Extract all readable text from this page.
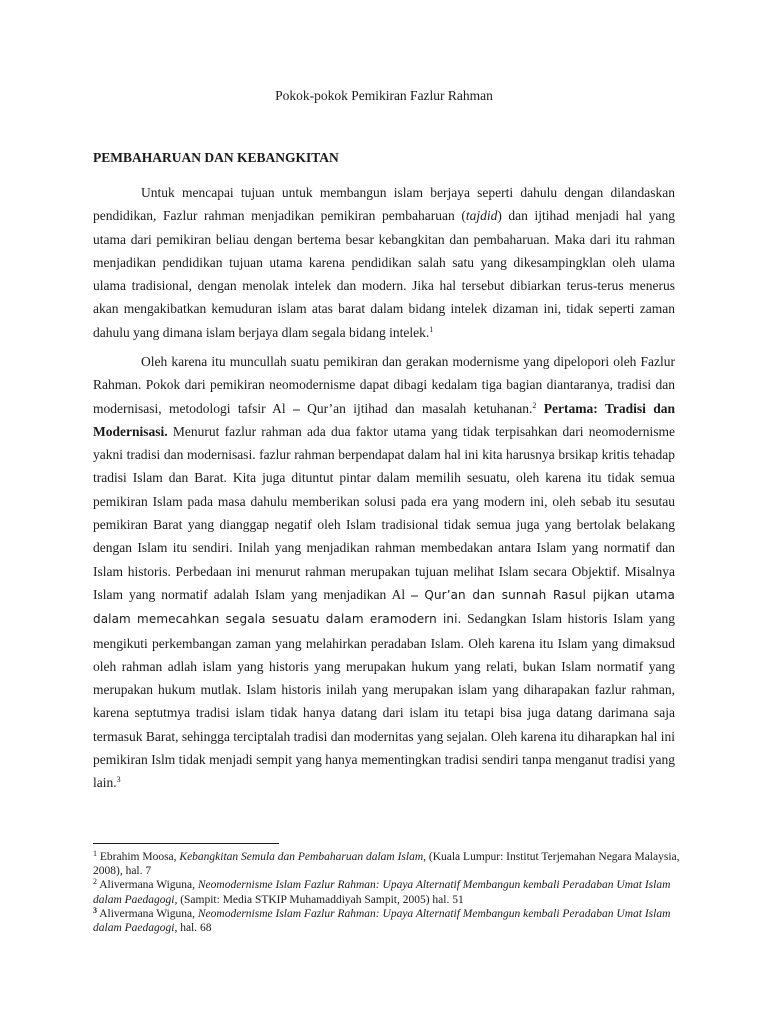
Pokok-pokok Pemikiran Fazlur Rahman
PEMBAHARUAN DAN KEBANGKITAN

Untuk mencapai tujuan untuk membangun islam berjaya seperti dahulu dengan dilandaskan pendidikan, Fazlur rahman menjadikan pemikiran pembaharuan (tajdid) dan ijtihad menjadi hal yang utama dari pemikiran beliau dengan bertema besar kebangkitan dan pembaharuan. Maka dari itu rahman menjadikan pendidikan tujuan utama karena pendidikan salah satu yang dikesampingklan oleh ulama ulama tradisional, dengan menolak intelek dan modern. Jika hal tersebut dibiarkan terus-terus menerus akan mengakibatkan kemuduran islam atas barat dalam bidang intelek dizaman ini, tidak seperti zaman dahulu yang dimana islam berjaya dlam segala bidang intelek.$^1$

Oleh karena itu muncullah suatu pemikiran dan gerakan modernisme yang dipelopori oleh Fazlur Rahman. Pokok dari pemikiran neomodernisme dapat dibagi kedalam tiga bagian diantaranya, tradisi dan modernisasi, metodologi tafsir Al – Qur’an ijtihad dan masalah ketuhanan.$^2$ Pertama: Tradisi dan Modernisasi. Menurut fazlur rahman ada dua faktor utama yang tidak terpisahkan dari neomodernisme yakni tradisi dan modernisasi. fazlur rahman berpendapat dalam hal ini kita harusnya brsikap kritis tehadap tradisi Islam dan Barat. Kita juga dituntut pintar dalam memilih sesuatu, oleh karena itu tidak semua pemikiran Islam pada masa dahulu memberikan solusi pada era yang modern ini, oleh sebab itu sesutau pemikiran Barat yang dianggap negatif oleh Islam tradisional tidak semua juga yang bertolak belakang dengan Islam itu sendiri. Inilah yang menjadikan rahman membedakan antara Islam yang normatif dan Islam historis. Perbedaan ini menurut rahman merupakan tujuan melihat Islam secara Objektif. Misalnya Islam yang normatif adalah Islam yang menjadikan Al – Qur’an dan sunnah Rasul pijkan utama dalam memecahkan segala sesuatu dalam eramodern ini. Sedangkan Islam historis Islam yang mengikuti perkembangan zaman yang melahirkan peradaban Islam. Oleh karena itu Islam yang dimaksud oleh rahman adlah islam yang historis yang merupakan hukum yang relati, bukan Islam normatif yang merupakan hukum mutlak. Islam historis inilah yang merupakan islam yang diharapakan fazlur rahman, karena septutmya tradisi islam tidak hanya datang dari islam itu tetapi bisa juga datang darimana saja termasuk Barat, sehingga terciptalah tradisi dan modernitas yang sejalan. Oleh karena itu diharapkan hal ini pemikiran Islm tidak menjadi sempit yang hanya mementingkan tradisi sendiri tanpa menganut tradisi yang lain.$^3$

$^1$ Ebrahim Moosa, Kebangkitan Semula dan Pembaharuan dalam Islam, (Kuala Lumpur: Institut Terjemahan Negara Malaysia, 2008), hal. 7

$^2$ Alivermana Wiguna, Neomodernisme Islam Fazlur Rahman: Upaya Alternatif Membangun kembali Peradaban Umat Islam dalam Paedagogi, (Sampit: Media STKIP Muhamaddiyah Sampit, 2005) hal. 51

$^3$ Alivermana Wiguna, Neomodernisme Islam Fazlur Rahman: Upaya Alternatif Membangun kembali Peradaban Umat Islam dalam Paedagogi, hal. 68
